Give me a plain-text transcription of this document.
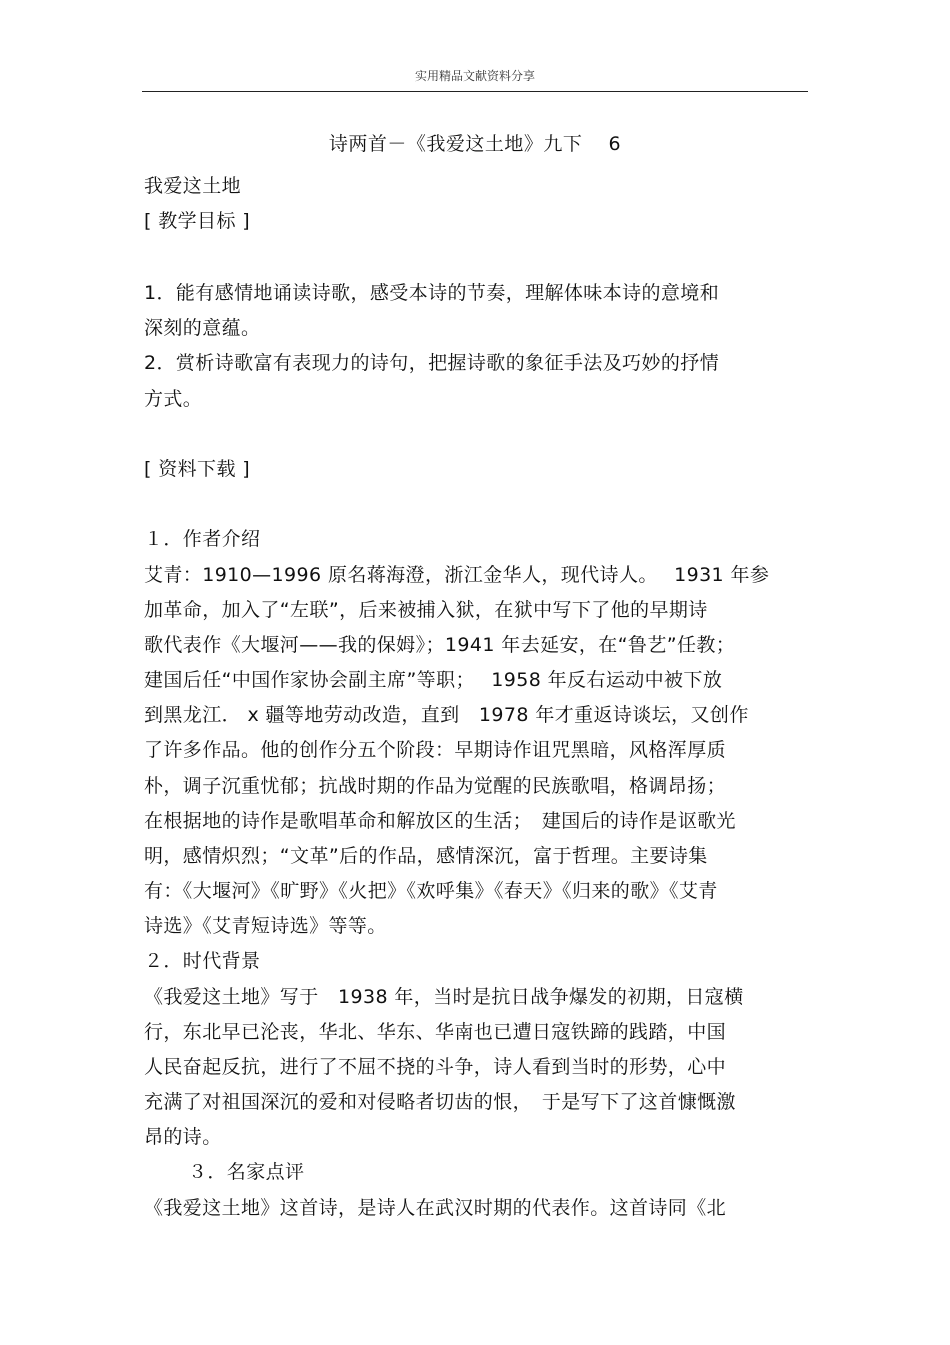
实用精品文献资料分享
诗两首－《我爱这土地》九下　 6
我爱这土地
[ 教学目标 ]
1．能有感情地诵读诗歌，感受本诗的节奏，理解体味本诗的意境和
深刻的意蕴。
2．赏析诗歌富有表现力的诗句，把握诗歌的象征手法及巧妙的抒情
方式。
[ 资料下载 ]
１．作者介绍
艾青：1910—1996 原名蒋海澄，浙江金华人，现代诗人。　 1931 年参
加革命，加入了“左联”，后来被捕入狱，在狱中写下了他的早期诗
歌代表作《大堰河——我的保姆》；1941 年去延安，在“鲁艺”任教；
建国后任“中国作家协会副主席”等职；　 1958 年反右运动中被下放
到黑龙江． x 疆等地劳动改造，直到　1978 年才重返诗谈坛，又创作
了许多作品。他的创作分五个阶段：早期诗作诅咒黑暗，风格浑厚质
朴，调子沉重忧郁；抗战时期的作品为觉醒的民族歌唱，格调昂扬；
在根据地的诗作是歌唱革命和解放区的生活；　建国后的诗作是讴歌光
明，感情炽烈；“文革”后的作品，感情深沉，富于哲理。主要诗集
有：《大堰河》《旷野》《火把》《欢呼集》《春天》《归来的歌》《艾青
诗选》《艾青短诗选》等等。
２．时代背景
《我爱这土地》写于　1938 年，当时是抗日战争爆发的初期，日寇横
行，东北早已沦丧，华北、华东、华南也已遭日寇铁蹄的践踏，中国
人民奋起反抗，进行了不屈不挠的斗争，诗人看到当时的形势，心中
充满了对祖国深沉的爱和对侵略者切齿的恨，　于是写下了这首慷慨激
昂的诗。
３．名家点评
《我爱这土地》这首诗，是诗人在武汉时期的代表作。这首诗同《北
